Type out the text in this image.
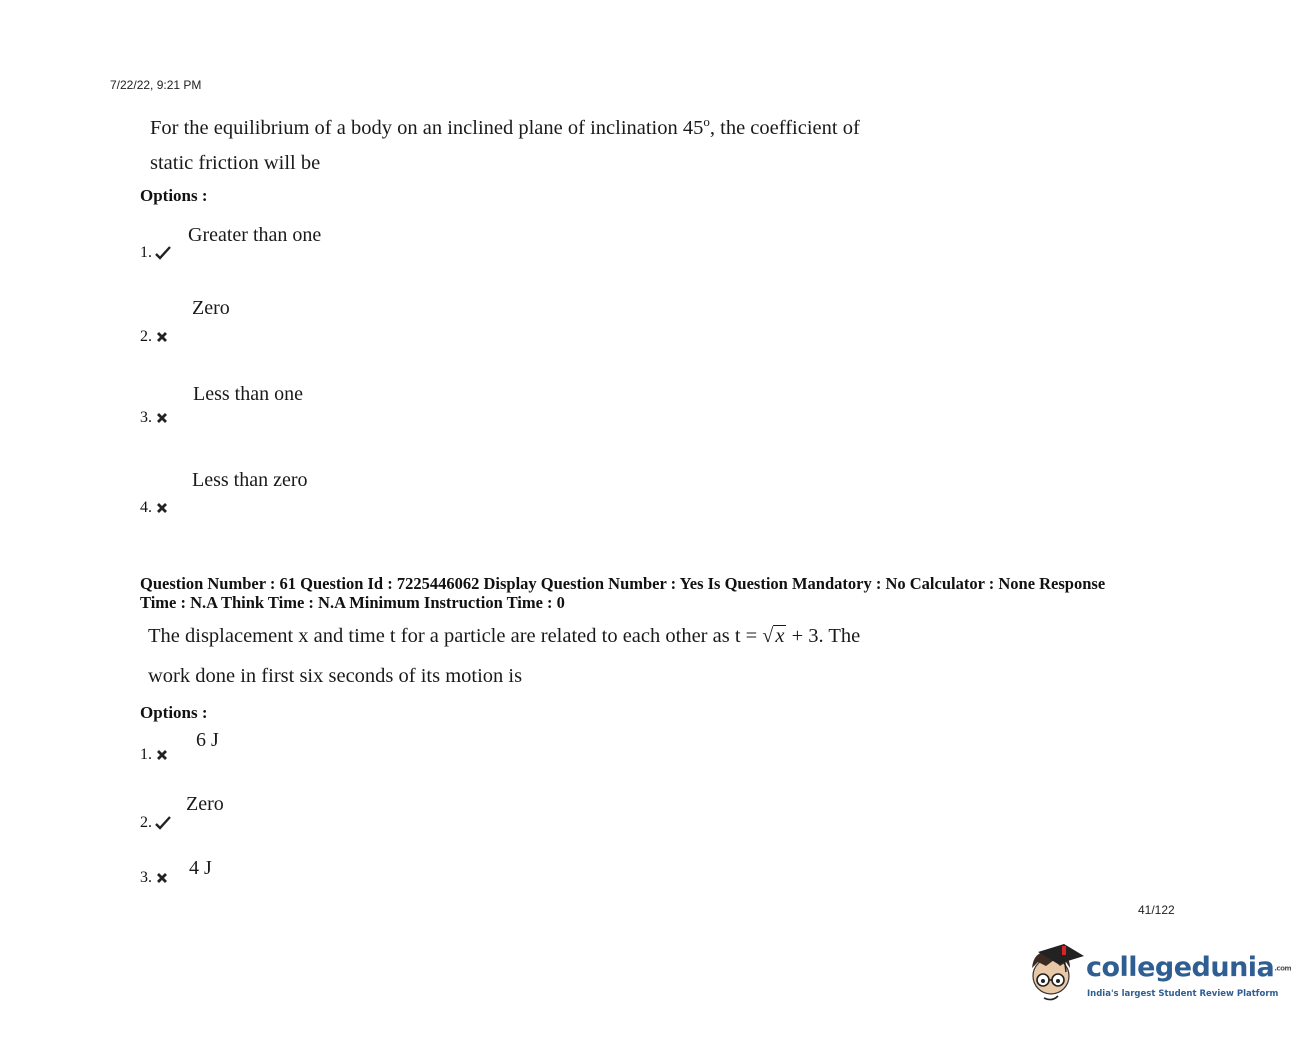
7/22/22, 9:21 PM
For the equilibrium of a body on an inclined plane of inclination 45$^o$, the coefficient of
static friction will be
Options :
1.
Greater than one
2.
Zero
3.
Less than one
4.
Less than zero
Question Number : 61 Question Id : 7225446062 Display Question Number : Yes Is Question Mandatory : No Calculator : None Response
Time : N.A Think Time : N.A Minimum Instruction Time : 0
The displacement x and time t for a particle are related to each other as t = √x + 3. The
work done in first six seconds of its motion is
Options :
1.
6 J
2.
Zero
3. 4 J
41/122
collegedunia.com
India's largest Student Review Platform
